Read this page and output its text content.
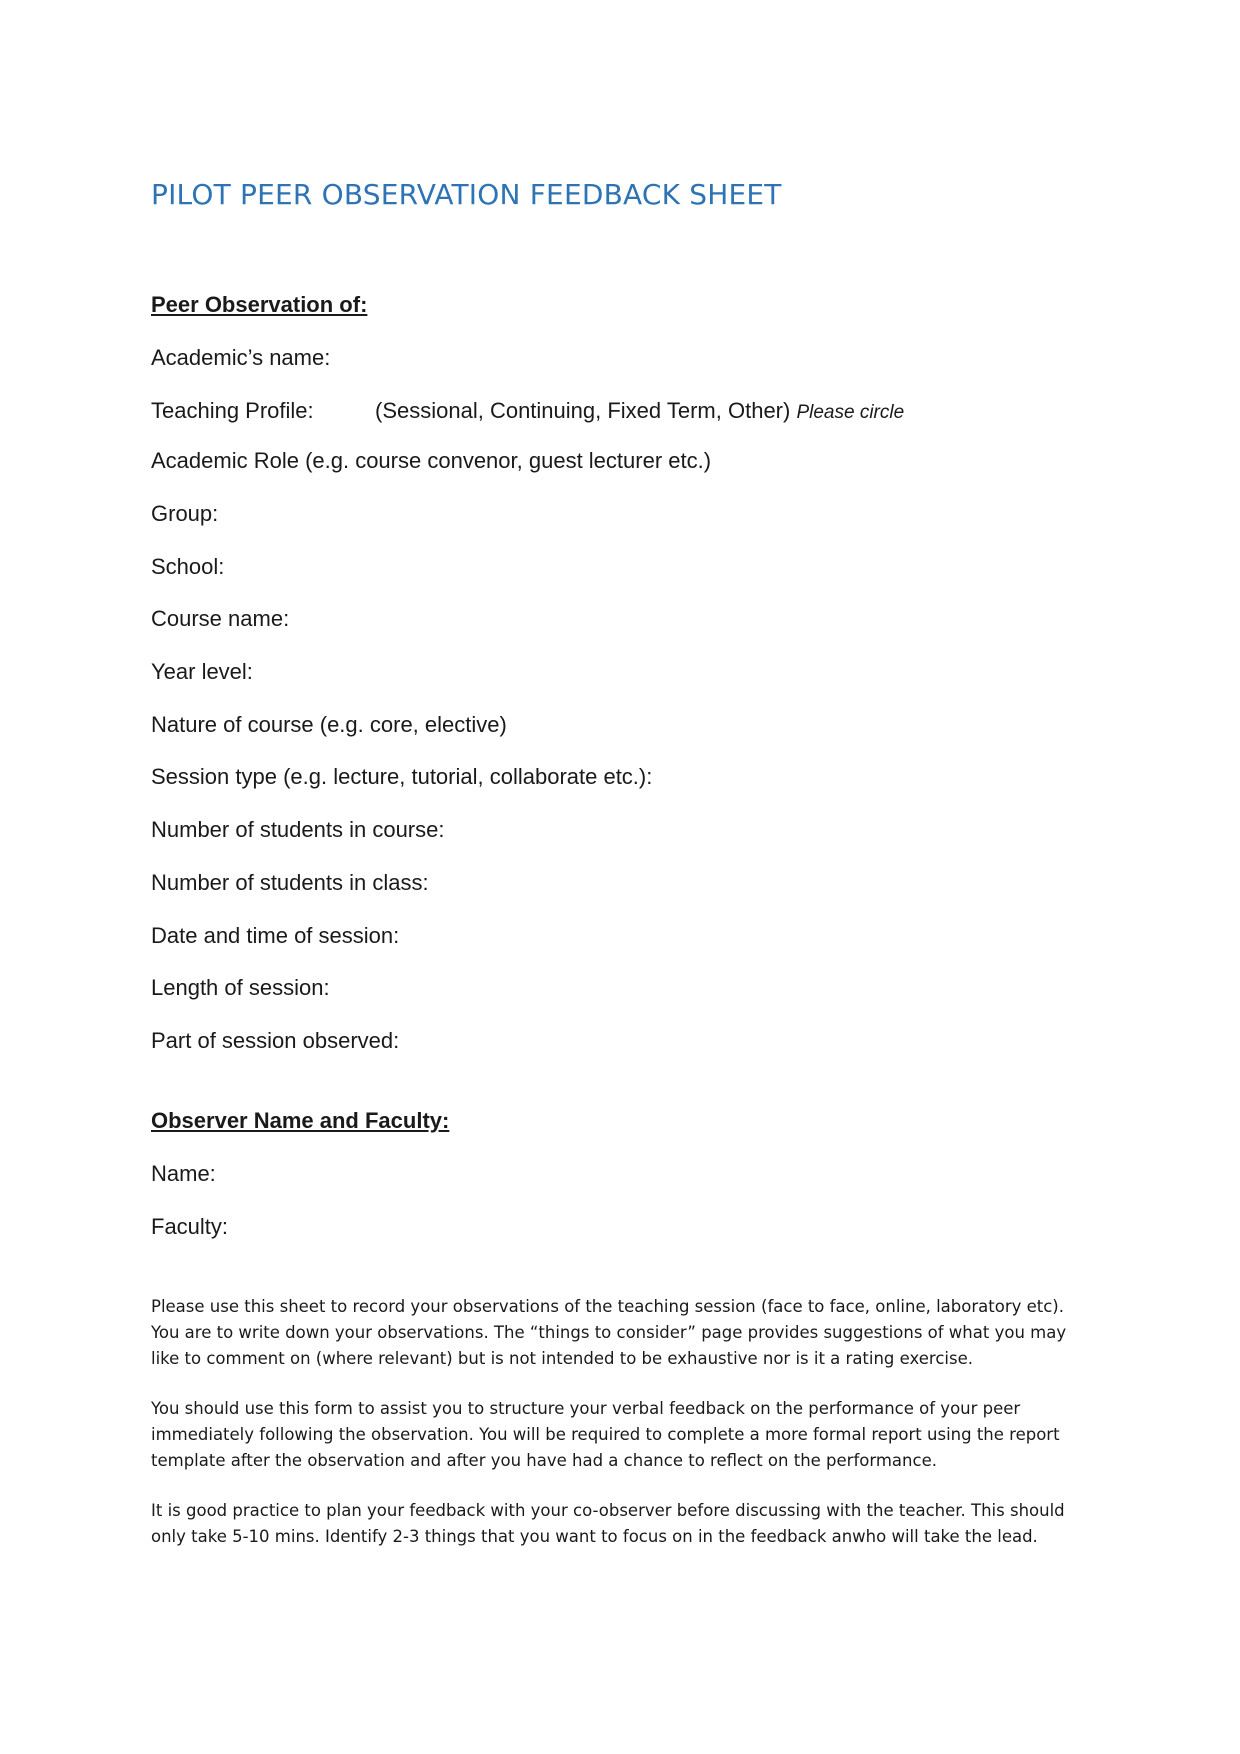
PILOT PEER OBSERVATION FEEDBACK SHEET
Peer Observation of:
Academic’s name:
Teaching Profile:	(Sessional, Continuing, Fixed Term, Other) Please circle
Academic Role (e.g. course convenor, guest lecturer etc.)
Group:
School:
Course name:
Year level:
Nature of course (e.g. core, elective)
Session type (e.g. lecture, tutorial, collaborate etc.):
Number of students in course:
Number of students in class:
Date and time of session:
Length of session:
Part of session observed:
Observer Name and Faculty:
Name:
Faculty:
Please use this sheet to record your observations of the teaching session (face to face, online, laboratory etc).
You are to write down your observations. The “things to consider” page provides suggestions of what you may
like to comment on (where relevant) but is not intended to be exhaustive nor is it a rating exercise.
You should use this form to assist you to structure your verbal feedback on the performance of your peer
immediately following the observation. You will be required to complete a more formal report using the report
template after the observation and after you have had a chance to reflect on the performance.
It is good practice to plan your feedback with your co-observer before discussing with the teacher. This should
only take 5-10 mins. Identify 2-3 things that you want to focus on in the feedback anwho will take the lead.
